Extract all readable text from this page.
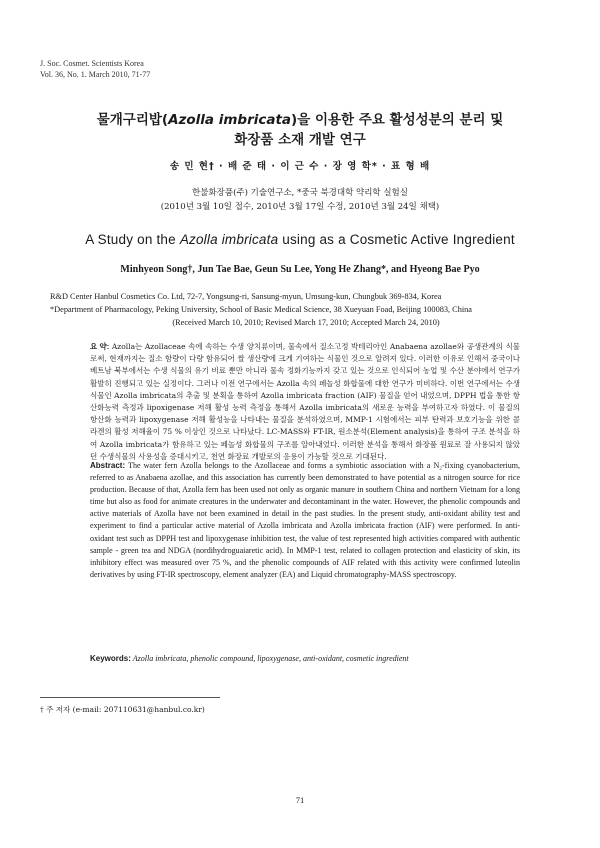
J. Soc. Cosmet. Scientists Korea
Vol. 36, No. 1. March 2010, 71-77
물개구리밥(Azolla imbricata)을 이용한 주요 활성성분의 분리 및
화장품 소재 개발 연구
송 민 현† · 배 준 태 · 이 근 수 · 장 영 학* · 표 형 배
한불화장품(주) 기술연구소, *중국 북경대학 약리학 실험실
(2010년 3월 10일 접수, 2010년 3월 17일 수정, 2010년 3월 24일 채택)
A Study on the Azolla imbricata using as a Cosmetic Active Ingredient
Minhyeon Song†, Jun Tae Bae, Geun Su Lee, Yong He Zhang*, and Hyeong Bae Pyo
R&D Center Hanbul Cosmetics Co. Ltd, 72-7, Yongsung-ri, Sansung-myun, Umsung-kun, Chungbuk 369-834, Korea
*Department of Pharmacology, Peking University, School of Basic Medical Science, 38 Xueyuan Foad, Beijing 100083, China
(Received March 10, 2010; Revised March 17, 2010; Accepted March 24, 2010)
요 약: Azolla는 Azollaceae 속에 속하는 수생 양치류이며, 물속에서 질소고정 박테리아인 Anabaena azollae와 공생관계의 식물로써, 현재까지는 질소 함량이 다량 함유되어 쌀 생산량에 크게 기여하는 식물인 것으로 알려져 있다. 이러한 이유로 인해서 중국이나 베트남 북부에서는 수생 식물의 유기 비료 뿐만 아니라 물속 정화기능까지 갖고 있는 것으로 인식되어 농업 및 수산 분야에서 연구가 활발히 진행되고 있는 실정이다. 그러나 이전 연구에서는 Azolla 속의 페놀성 화합물에 대한 연구가 미비하다. 이번 연구에서는 수생식물인 Azolla imbricata의 추출 및 분획을 통하여 Azolla imbricata fraction (AIF) 물질을 얻어 내었으며, DPPH 법을 통한 항산화능력 측정과 lipoxigenase 저해 활성 능력 측정을 통해서 Azolla imbricata의 새로운 능력을 부여하고자 하였다. 이 물질의 항산화 능력과 lipoxygenase 저해 활성능을 나타내는 물질을 분석하였으며, MMP-1 시험에서는 피부 탄력과 보호기능을 위한 콜라겐의 활성 저해율이 75 % 이상인 것으로 나타났다. LC-MASS와 FT-IR, 원소분석(Element analysis)을 통하여 구조 분석을 하여 Azolla imbricata가 함유하고 있는 페놀성 화합물의 구조를 알아내었다. 이러한 분석을 통해서 화장품 원료로 잘 사용되지 않았던 수생식물의 사용성을 증대시키고, 천연 화장료 개발로의 응용이 가능할 것으로 기대된다.
Abstract: The water fern Azolla belongs to the Azollaceae and forms a symbiotic association with a N₂-fixing cyanobacterium, referred to as Anabaena azollae, and this association has currently been demonstrated to have potential as a nitrogen source for rice production. Because of that, Azolla fern has been used not only as organic manure in southern China and northern Vietnam for a long time but also as food for animate creatures in the underwater and decontaminant in the water. However, the phenolic compounds and active materials of Azolla have not been examined in detail in the past studies. In the present study, anti-oxidant ability test and experiment to find a particular active material of Azolla imbricata and Azolla imbricata fraction (AIF) were performed. In anti-oxidant test such as DPPH test and lipoxygenase inhibition test, the value of test represented high activities compared with authentic sample - green tea and NDGA (nordihydroguaiaretic acid). In MMP-1 test, related to collagen protection and elasticity of skin, its inhibitory effect was measured over 75 %, and the phenolic compounds of AIF related with this activity were confirmed luteolin derivatives by using FT-IR spectroscopy, element analyzer (EA) and Liquid chromatography-MASS spectroscopy.
Keywords: Azolla imbricata, phenolic compound, lipoxygenase, anti-oxidant, cosmetic ingredient
† 주 저자 (e-mail: 207110631@hanbul.co.kr)
71
